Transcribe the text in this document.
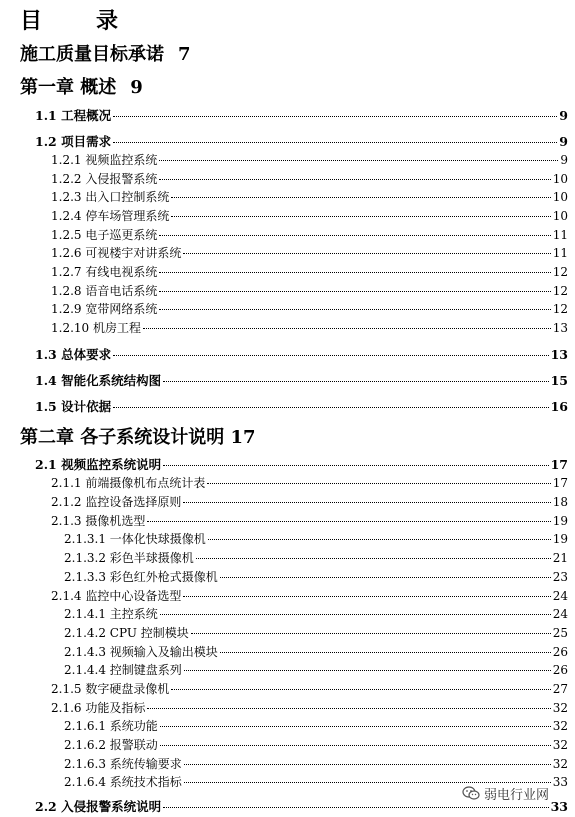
目 录
施工质量目标承诺 7
第一章 概述 9
1.1 工程概况	9
1.2 项目需求	9
1.2.1 视频监控系统	9
1.2.2 入侵报警系统	10
1.2.3 出入口控制系统	10
1.2.4 停车场管理系统	10
1.2.5 电子巡更系统	11
1.2.6 可视楼宇对讲系统	11
1.2.7 有线电视系统	12
1.2.8 语音电话系统	12
1.2.9 宽带网络系统	12
1.2.10 机房工程	13
1.3 总体要求	13
1.4 智能化系统结构图	15
1.5 设计依据	16
第二章 各子系统设计说明 17
2.1 视频监控系统说明	17
2.1.1 前端摄像机布点统计表	17
2.1.2 监控设备选择原则	18
2.1.3 摄像机选型	19
2.1.3.1 一体化快球摄像机	19
2.1.3.2 彩色半球摄像机	21
2.1.3.3 彩色红外枪式摄像机	23
2.1.4 监控中心设备选型	24
2.1.4.1 主控系统	24
2.1.4.2 CPU 控制模块	25
2.1.4.3 视频输入及输出模块	26
2.1.4.4 控制键盘系列	26
2.1.5 数字硬盘录像机	27
2.1.6 功能及指标	32
2.1.6.1 系统功能	32
2.1.6.2 报警联动	32
2.1.6.3 系统传输要求	32
2.1.6.4 系统技术指标	33
2.2 入侵报警系统说明	33
弱电行业网
